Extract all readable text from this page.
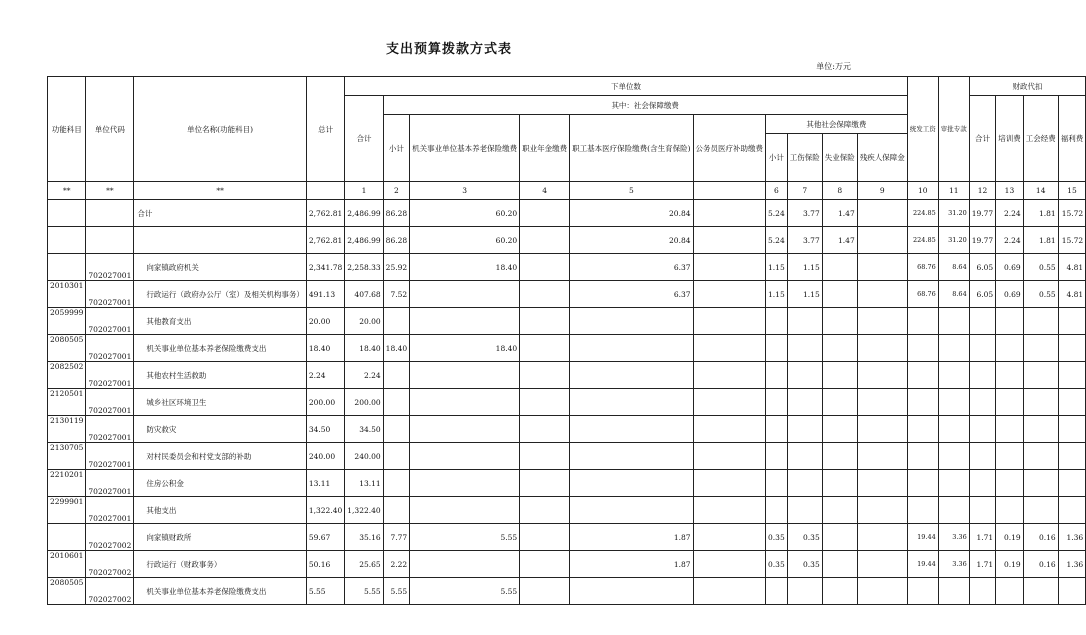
支出预算拨款方式表
单位:万元
功能科目	单位代码	单位名称(功能科目)	总计	下单位数										统发工资	审批专款	财政代扣			
				合计	其中：社会保障缴费											合计	培训费	工会经费	福利费
					小计	机关事业单位基本养老保险缴费	职业年金缴费	职工基本医疗保险缴费(含生育保险)	公务员医疗补助缴费	其他社会保障缴费									
										小计	工伤保险	失业保险	残疾人保障金						
**	**	**		1	2	3	4	5		6	7	8	9	10	11	12	13	14	15
		合计	2,762.81	2,486.99	86.28	60.20		20.84		5.24	3.77	1.47		224.85	31.20	19.77	2.24	1.81	15.72
			2,762.81	2,486.99	86.28	60.20		20.84		5.24	3.77	1.47		224.85	31.20	19.77	2.24	1.81	15.72
	702027001	向家镇政府机关	2,341.78	2,258.33	25.92	18.40		6.37		1.15	1.15			68.76	8.64	6.05	0.69	0.55	4.81
2010301	702027001	行政运行（政府办公厅（室）及相关机构事务）	491.13	407.68	7.52			6.37		1.15	1.15			68.76	8.64	6.05	0.69	0.55	4.81
2059999	702027001	其他教育支出	20.00	20.00															
2080505	702027001	机关事业单位基本养老保险缴费支出	18.40	18.40	18.40	18.40													
2082502	702027001	其他农村生活救助	2.24	2.24															
2120501	702027001	城乡社区环境卫生	200.00	200.00															
2130119	702027001	防灾救灾	34.50	34.50															
2130705	702027001	对村民委员会和村党支部的补助	240.00	240.00															
2210201	702027001	住房公积金	13.11	13.11															
2299901	702027001	其他支出	1,322.40	1,322.40															
	702027002	向家镇财政所	59.67	35.16	7.77	5.55		1.87		0.35	0.35			19.44	3.36	1.71	0.19	0.16	1.36
2010601	702027002	行政运行（财政事务）	50.16	25.65	2.22			1.87		0.35	0.35			19.44	3.36	1.71	0.19	0.16	1.36
2080505	702027002	机关事业单位基本养老保险缴费支出	5.55	5.55	5.55	5.55													
